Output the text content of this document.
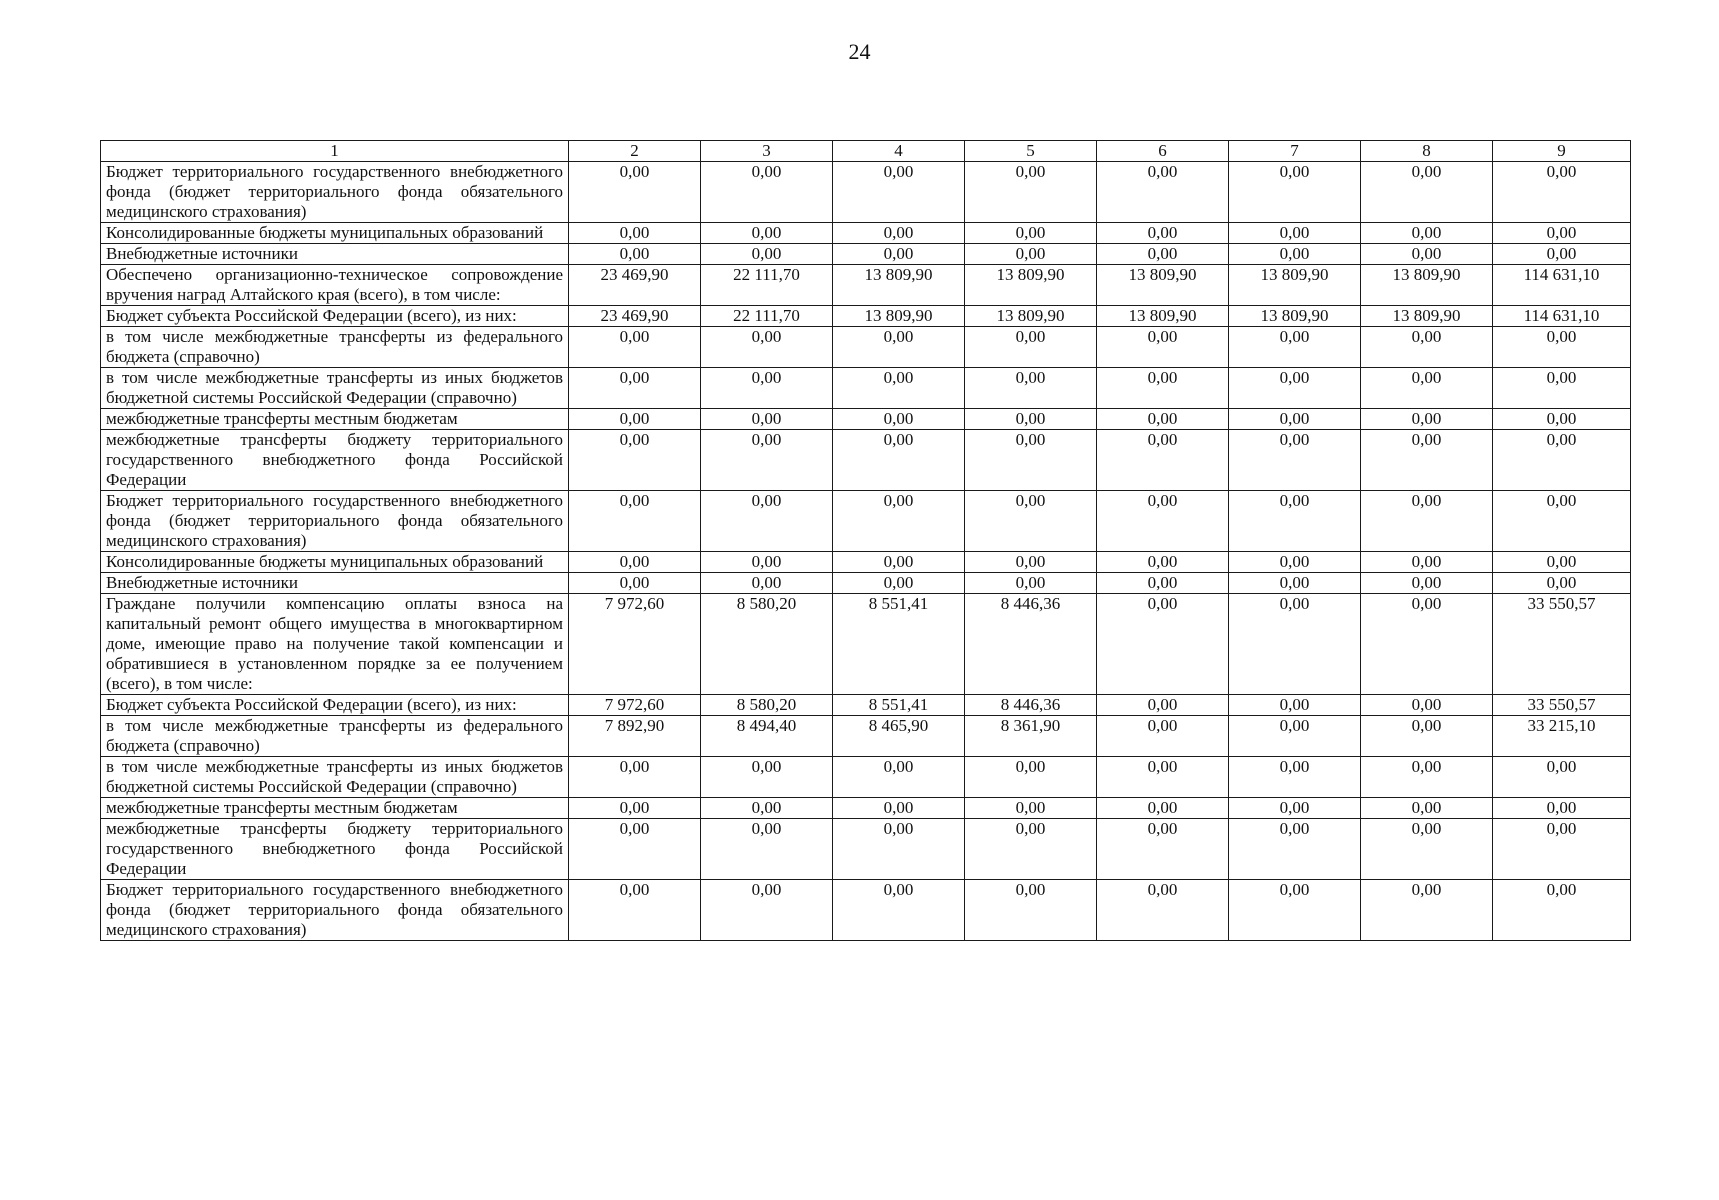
24
1	2	3	4	5	6	7	8	9
Бюджет территориального государственного внебюджетного фонда (бюджет территориального фонда обязательного медицинского страхования)	0,00	0,00	0,00	0,00	0,00	0,00	0,00	0,00
Консолидированные бюджеты муниципальных образований	0,00	0,00	0,00	0,00	0,00	0,00	0,00	0,00
Внебюджетные источники	0,00	0,00	0,00	0,00	0,00	0,00	0,00	0,00
Обеспечено организационно-техническое сопровождение вручения наград Алтайского края (всего), в том числе:	23 469,90	22 111,70	13 809,90	13 809,90	13 809,90	13 809,90	13 809,90	114 631,10
Бюджет субъекта Российской Федерации (всего), из них:	23 469,90	22 111,70	13 809,90	13 809,90	13 809,90	13 809,90	13 809,90	114 631,10
в том числе межбюджетные трансферты из федерального бюджета (справочно)	0,00	0,00	0,00	0,00	0,00	0,00	0,00	0,00
в том числе межбюджетные трансферты из иных бюджетов бюджетной системы Российской Федерации (справочно)	0,00	0,00	0,00	0,00	0,00	0,00	0,00	0,00
межбюджетные трансферты местным бюджетам	0,00	0,00	0,00	0,00	0,00	0,00	0,00	0,00
межбюджетные трансферты бюджету территориального государственного внебюджетного фонда Российской Федерации	0,00	0,00	0,00	0,00	0,00	0,00	0,00	0,00
Бюджет территориального государственного внебюджетного фонда (бюджет территориального фонда обязательного медицинского страхования)	0,00	0,00	0,00	0,00	0,00	0,00	0,00	0,00
Консолидированные бюджеты муниципальных образований	0,00	0,00	0,00	0,00	0,00	0,00	0,00	0,00
Внебюджетные источники	0,00	0,00	0,00	0,00	0,00	0,00	0,00	0,00
Граждане получили компенсацию оплаты взноса на капитальный ремонт общего имущества в многоквартирном доме, имеющие право на получение такой компенсации и обратившиеся в установленном порядке за ее получением (всего), в том числе:	7 972,60	8 580,20	8 551,41	8 446,36	0,00	0,00	0,00	33 550,57
Бюджет субъекта Российской Федерации (всего), из них:	7 972,60	8 580,20	8 551,41	8 446,36	0,00	0,00	0,00	33 550,57
в том числе межбюджетные трансферты из федерального бюджета (справочно)	7 892,90	8 494,40	8 465,90	8 361,90	0,00	0,00	0,00	33 215,10
в том числе межбюджетные трансферты из иных бюджетов бюджетной системы Российской Федерации (справочно)	0,00	0,00	0,00	0,00	0,00	0,00	0,00	0,00
межбюджетные трансферты местным бюджетам	0,00	0,00	0,00	0,00	0,00	0,00	0,00	0,00
межбюджетные трансферты бюджету территориального государственного внебюджетного фонда Российской Федерации	0,00	0,00	0,00	0,00	0,00	0,00	0,00	0,00
Бюджет территориального государственного внебюджетного фонда (бюджет территориального фонда обязательного медицинского страхования)	0,00	0,00	0,00	0,00	0,00	0,00	0,00	0,00
